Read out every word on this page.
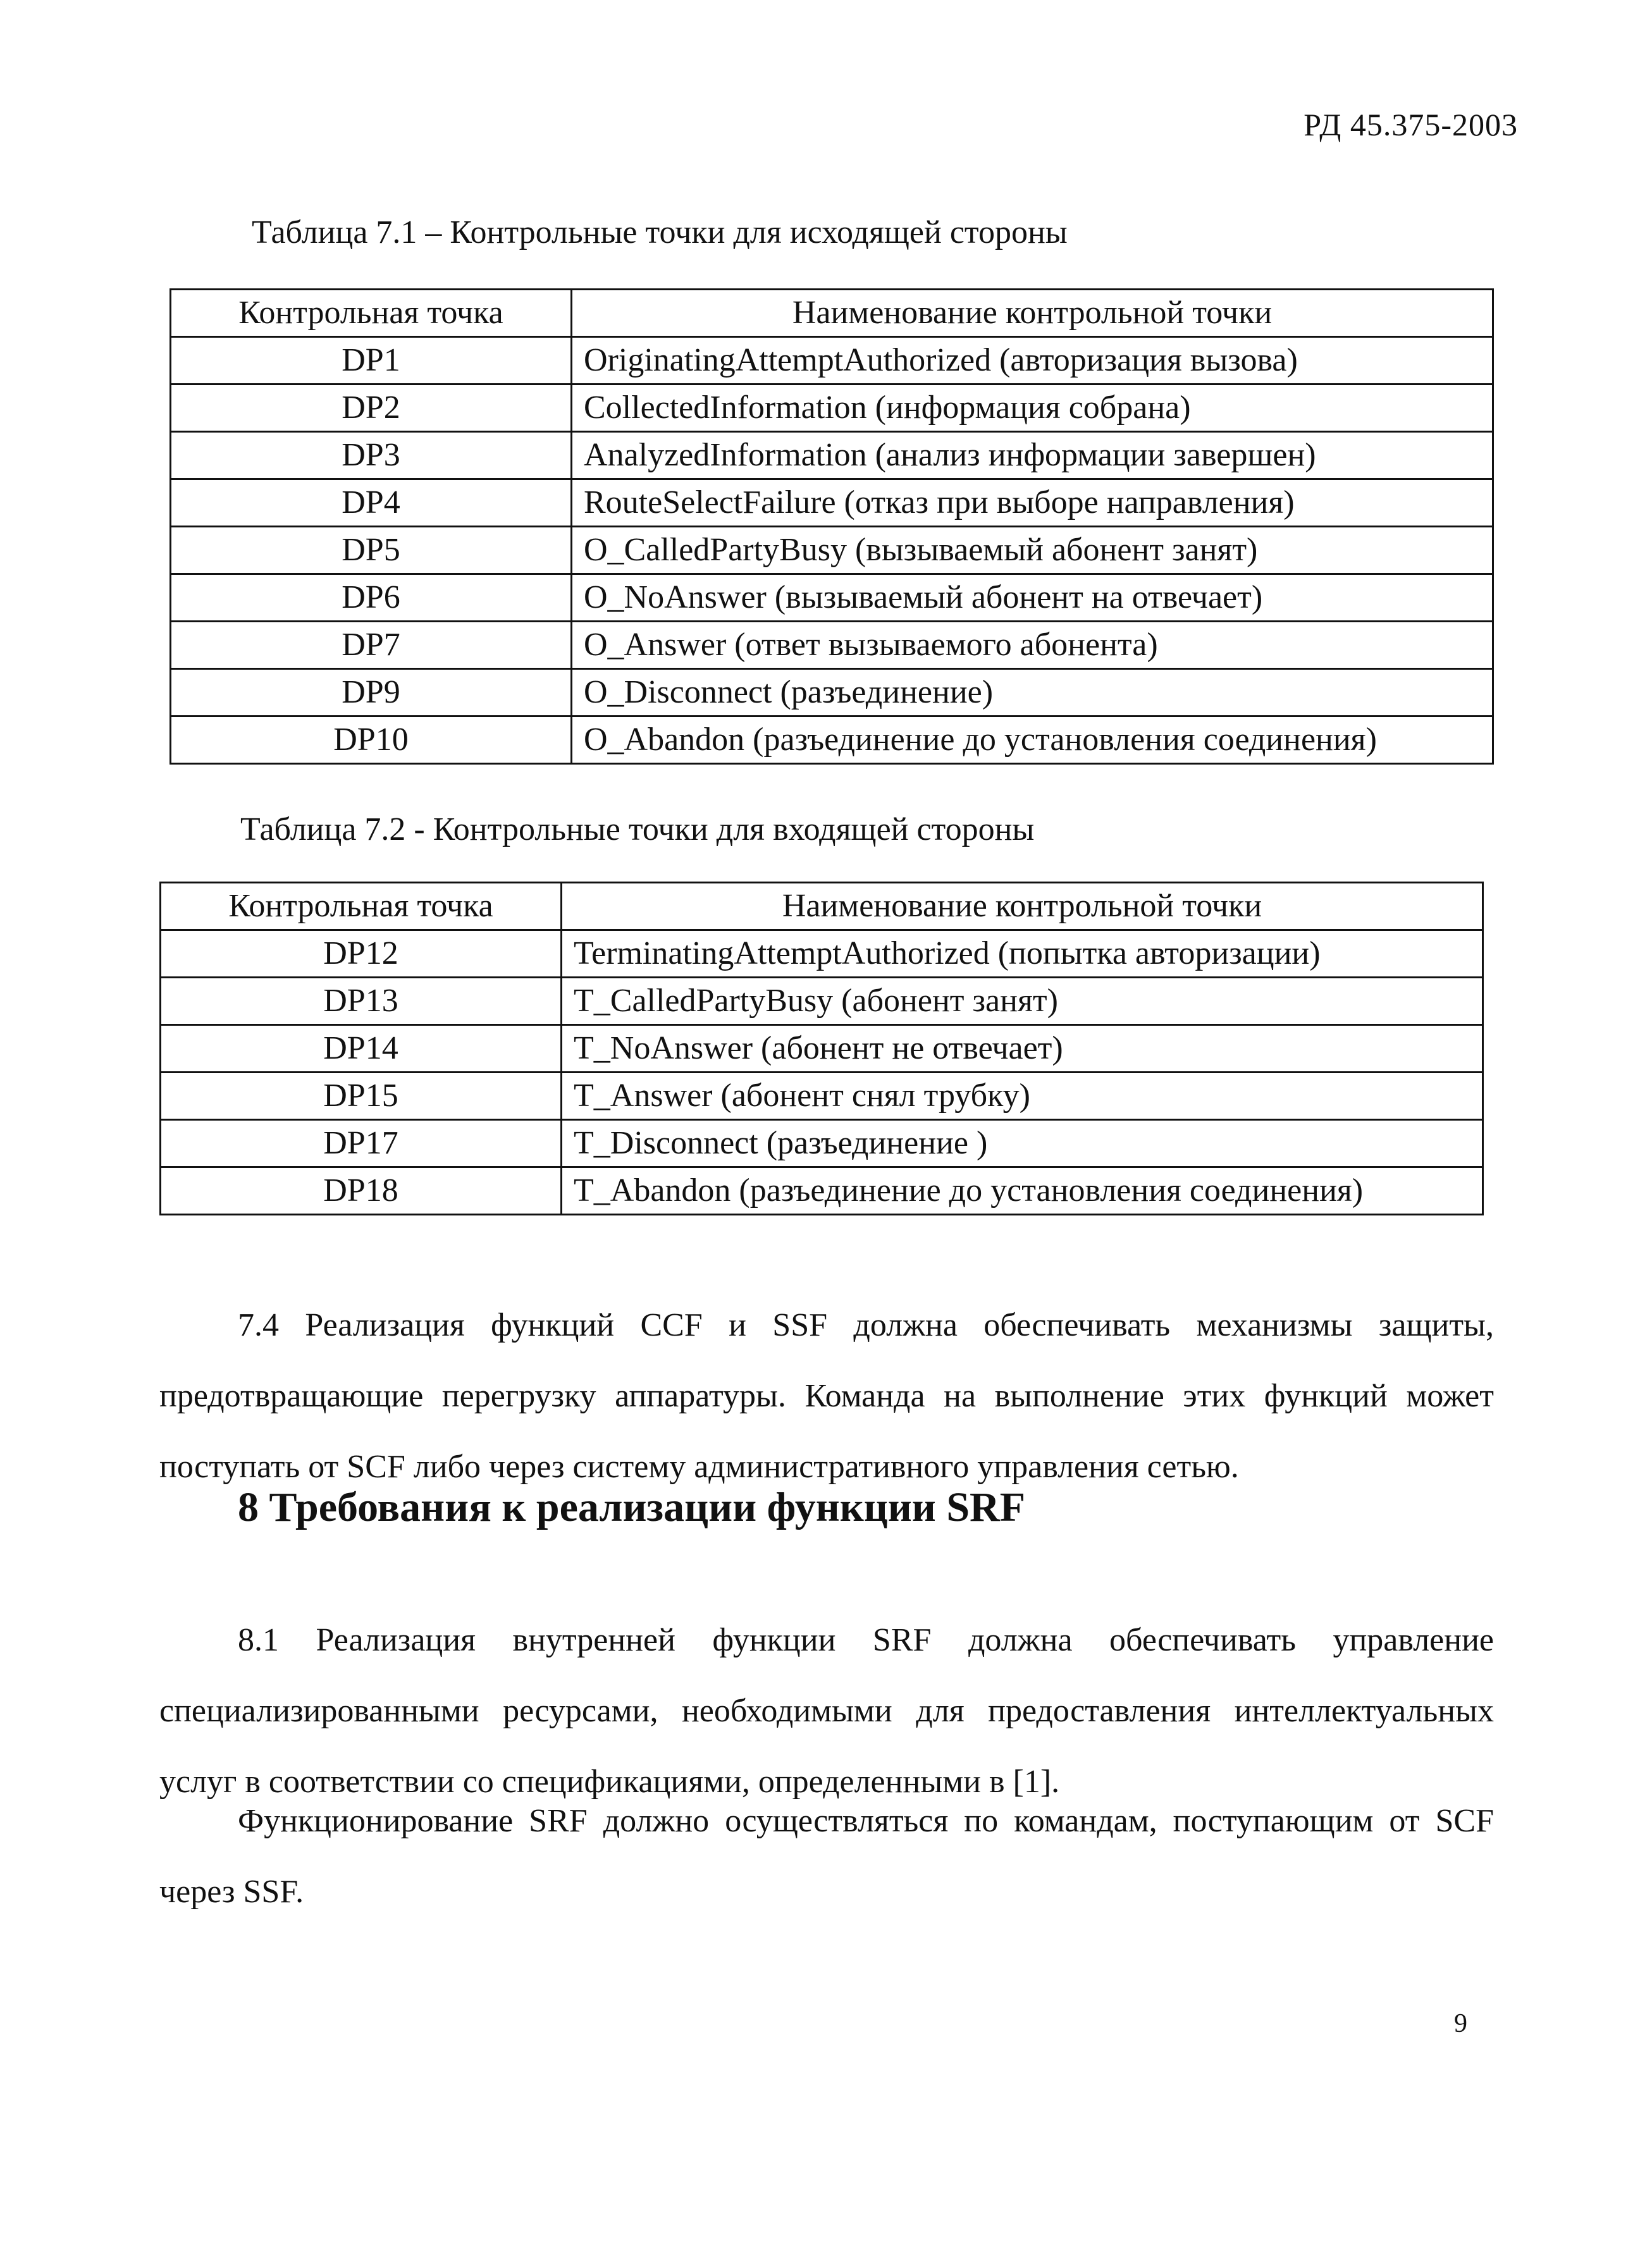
РД 45.375-2003
Таблица 7.1 – Контрольные точки для исходящей стороны
Контрольная точка	Наименование контрольной точки
DP1	OriginatingAttemptAuthorized (авторизация вызова)
DP2	CollectedInformation (информация собрана)
DP3	AnalyzedInformation (анализ информации завершен)
DP4	RouteSelectFailure (отказ при выборе направления)
DP5	O_CalledPartyBusy (вызываемый абонент занят)
DP6	O_NoAnswer (вызываемый абонент на отвечает)
DP7	O_Answer (ответ вызываемого абонента)
DP9	O_Disconnect (разъединение)
DP10	O_Abandon (разъединение до установления соединения)
Таблица 7.2 - Контрольные точки для входящей стороны
Контрольная точка	Наименование контрольной точки
DP12	TerminatingAttemptAuthorized (попытка авторизации)
DP13	T_CalledPartyBusy (абонент занят)
DP14	T_NoAnswer (абонент не отвечает)
DP15	T_Answer (абонент снял трубку)
DP17	T_Disconnect (разъединение )
DP18	T_Abandon (разъединение до установления соединения)

7.4 Реализация функций CCF и SSF должна обеспечивать механизмы защиты, предотвращающие перегрузку аппаратуры. Команда на выполнение этих функций может поступать от SCF либо через систему административного управления сетью.

8 Требования к реализации функции SRF

8.1 Реализация внутренней функции SRF должна обеспечивать управление специализированными ресурсами, необходимыми для предоставления интеллектуальных услуг в соответствии со спецификациями, определенными в [1].

Функционирование SRF должно осуществляться по командам, поступающим от SCF через SSF.

9
